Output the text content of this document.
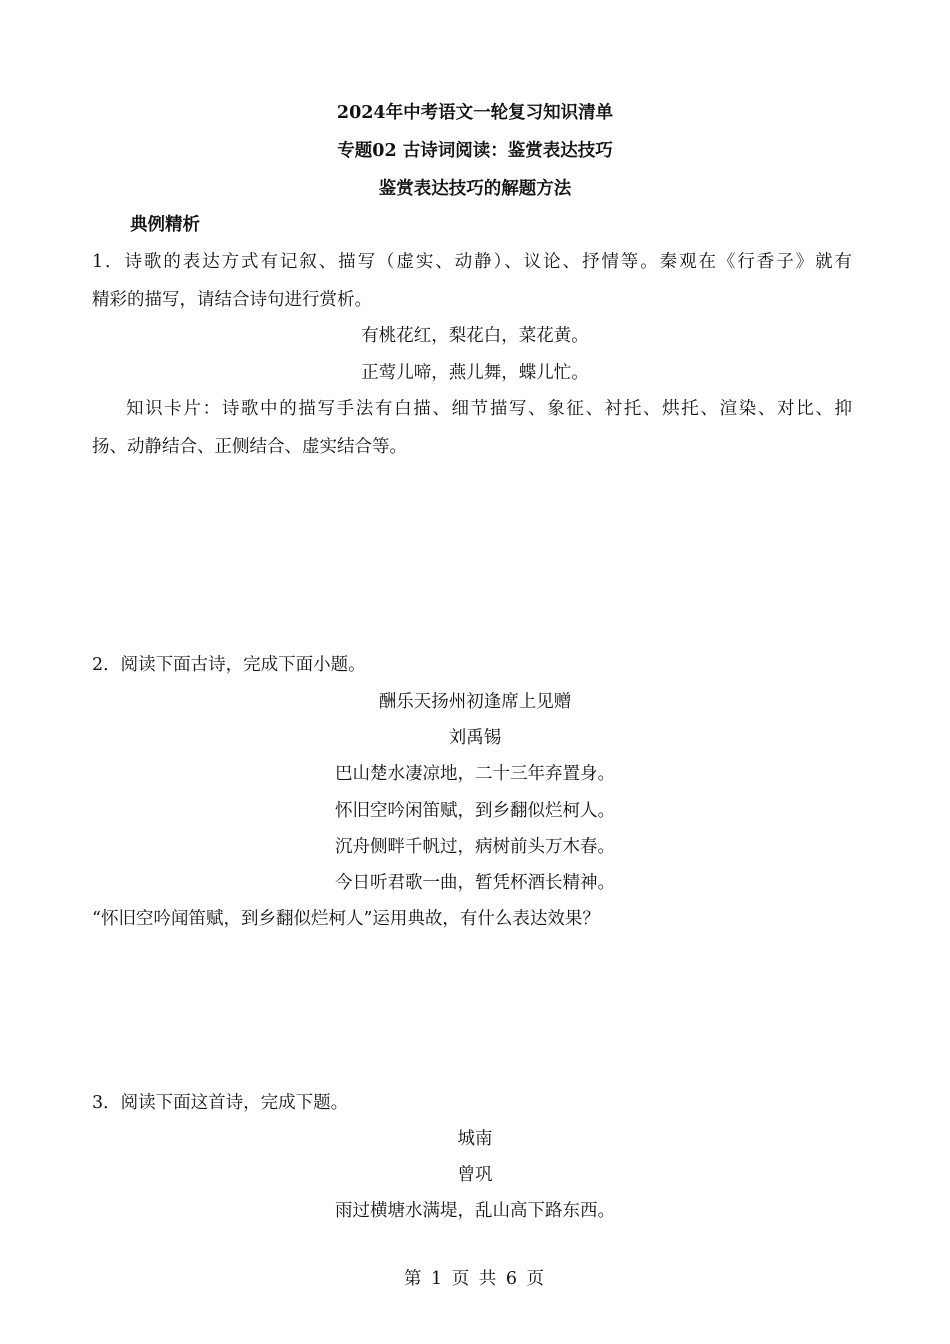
2024年中考语文一轮复习知识清单
专题02 古诗词阅读：鉴赏表达技巧
鉴赏表达技巧的解题方法
典例精析
1．诗歌的表达方式有记叙、描写（虚实、动静）、议论、抒情等。秦观在《行香子》就有
精彩的描写，请结合诗句进行赏析。
有桃花红，梨花白，菜花黄。
正莺儿啼，燕儿舞，蝶儿忙。
知识卡片：诗歌中的描写手法有白描、细节描写、象征、衬托、烘托、渲染、对比、抑
扬、动静结合、正侧结合、虚实结合等。
2．阅读下面古诗，完成下面小题。
酬乐天扬州初逢席上见赠
刘禹锡
巴山楚水凄凉地，二十三年弃置身。
怀旧空吟闲笛赋，到乡翻似烂柯人。
沉舟侧畔千帆过，病树前头万木春。
今日听君歌一曲，暂凭杯酒长精神。
“怀旧空吟闻笛赋，到乡翻似烂柯人”运用典故，有什么表达效果？
3．阅读下面这首诗，完成下题。
城南
曾巩
雨过横塘水满堤，乱山高下路东西。
第 1 页 共 6 页
